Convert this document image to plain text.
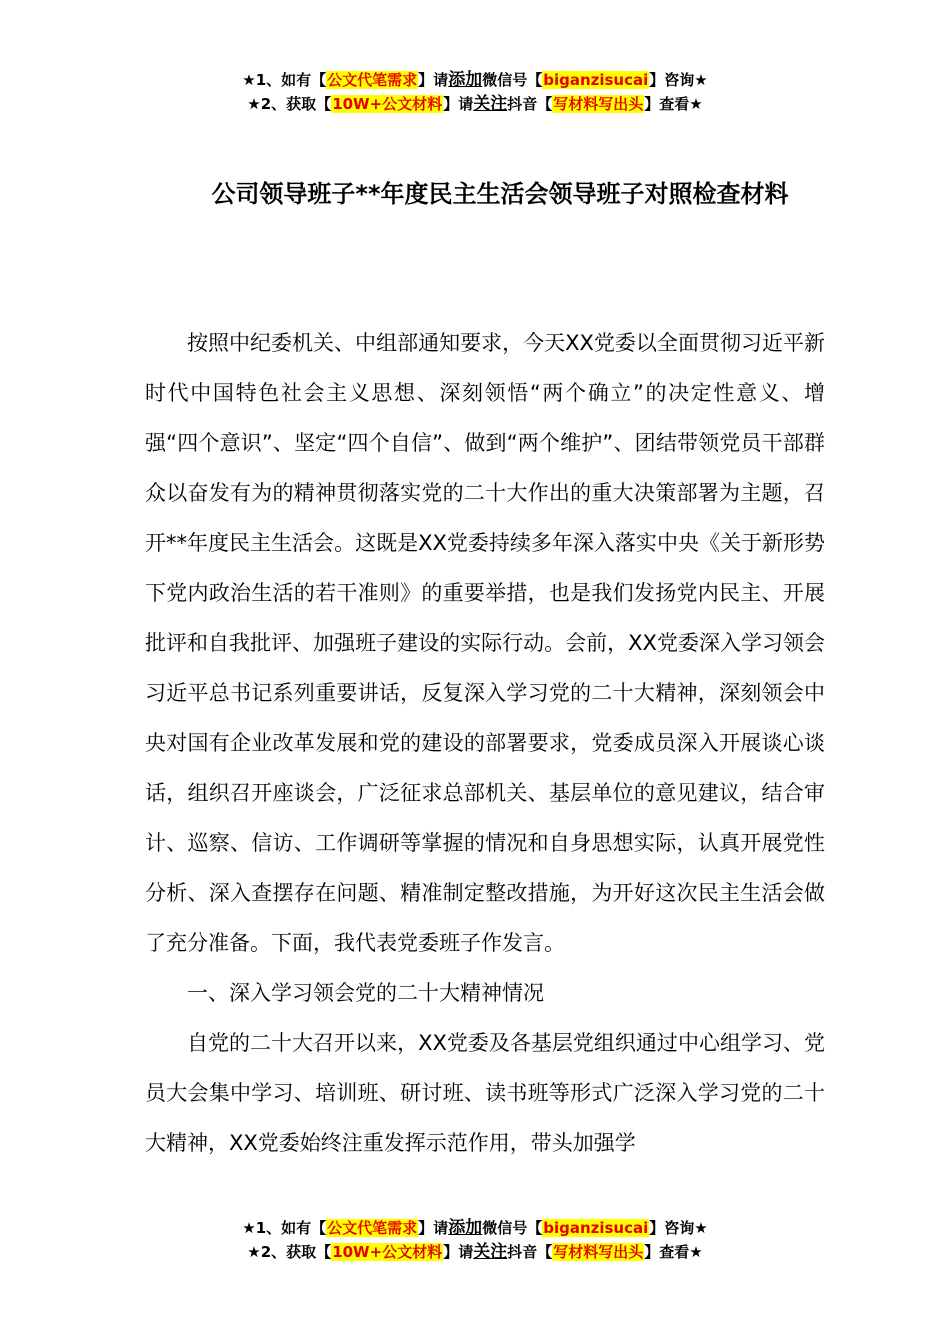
★1、如有【公文代笔需求】请添加微信号【biganzisucai】咨询★
★2、获取【10W+公文材料】请关注抖音【写材料写出头】查看★
公司领导班子**年度民主生活会领导班子对照检查材料

按照中纪委机关、中组部通知要求，今天XX党委以全面贯彻习近平新时代中国特色社会主义思想、深刻领悟“两个确立”的决定性意义、增强“四个意识”、坚定“四个自信”、做到“两个维护”、团结带领党员干部群众以奋发有为的精神贯彻落实党的二十大作出的重大决策部署为主题，召开**年度民主生活会。这既是XX党委持续多年深入落实中央《关于新形势下党内政治生活的若干准则》的重要举措，也是我们发扬党内民主、开展批评和自我批评、加强班子建设的实际行动。会前，XX党委深入学习领会习近平总书记系列重要讲话，反复深入学习党的二十大精神，深刻领会中央对国有企业改革发展和党的建设的部署要求，党委成员深入开展谈心谈话，组织召开座谈会，广泛征求总部机关、基层单位的意见建议，结合审计、巡察、信访、工作调研等掌握的情况和自身思想实际，认真开展党性分析、深入查摆存在问题、精准制定整改措施，为开好这次民主生活会做了充分准备。下面，我代表党委班子作发言。

一、深入学习领会党的二十大精神情况

自党的二十大召开以来，XX党委及各基层党组织通过中心组学习、党员大会集中学习、培训班、研讨班、读书班等形式广泛深入学习党的二十大精神，XX党委始终注重发挥示范作用，带头加强学

★1、如有【公文代笔需求】请添加微信号【biganzisucai】咨询★
★2、获取【10W+公文材料】请关注抖音【写材料写出头】查看★
